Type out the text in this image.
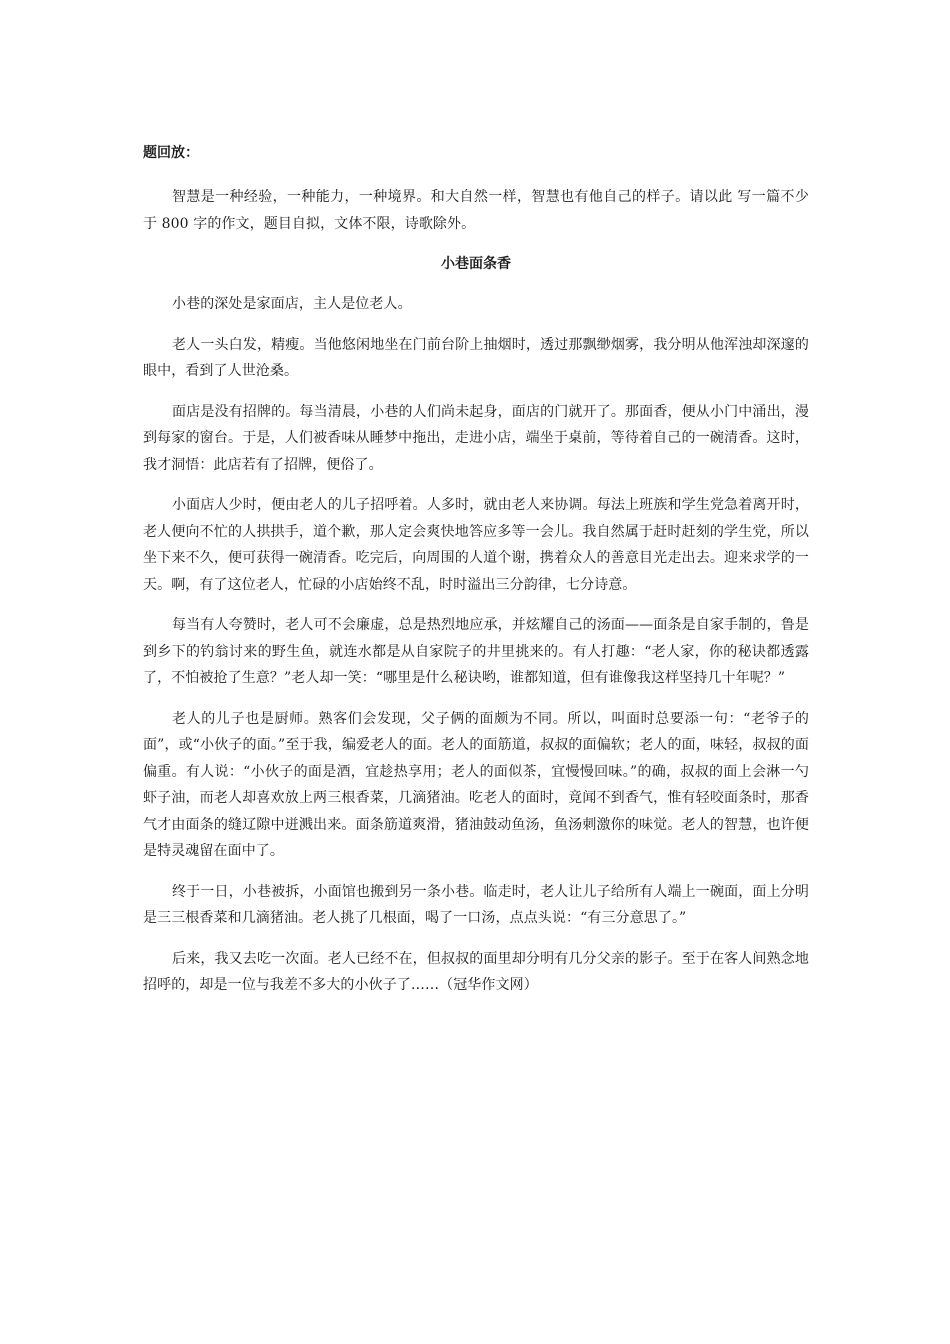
题回放：

智慧是一种经验，一种能力，一种境界。和大自然一样，智慧也有他自己的样子。请以此 写一篇不少于 800 字的作文，题目自拟，文体不限，诗歌除外。

小巷面条香

小巷的深处是家面店，主人是位老人。

老人一头白发，精瘦。当他悠闲地坐在门前台阶上抽烟时，透过那飘缈烟雾，我分明从他浑浊却深邃的眼中，看到了人世沧桑。

面店是没有招牌的。每当清晨，小巷的人们尚未起身，面店的门就开了。那面香，便从小门中涌出，漫到每家的窗台。于是，人们被香味从睡梦中拖出，走进小店，端坐于桌前，等待着自己的一碗清香。这时，我才洞悟：此店若有了招牌，便俗了。

小面店人少时，便由老人的儿子招呼着。人多时，就由老人来协调。每法上班族和学生党急着离开时，老人便向不忙的人拱拱手，道个歉，那人定会爽快地答应多等一会儿。我自然属于赶时赶刻的学生党，所以坐下来不久，便可获得一碗清香。吃完后，向周围的人道个谢，携着众人的善意目光走出去。迎来求学的一天。啊，有了这位老人，忙碌的小店始终不乱，时时溢出三分韵律，七分诗意。

每当有人夸赞时，老人可不会廉虚，总是热烈地应承，并炫耀自己的汤面——面条是自家手制的，鲁是到乡下的钓翁讨来的野生鱼，就连水都是从自家院子的井里挑来的。有人打趣：“老人家，你的秘诀都透露了，不怕被抢了生意？”老人却一笑：“哪里是什么秘诀哟，谁都知道，但有谁像我这样坚持几十年呢？”

老人的儿子也是厨师。熟客们会发现，父子俩的面颇为不同。所以，叫面时总要添一句：“老爷子的面”，或“小伙子的面。”至于我，编爱老人的面。老人的面筋道，叔叔的面偏软；老人的面，味轻，叔叔的面偏重。有人说：“小伙子的面是酒，宜趁热享用；老人的面似茶，宜慢慢回味。”的确，叔叔的面上会淋一勺虾子油，而老人却喜欢放上两三根香菜，几滴猪油。吃老人的面时，竟闻不到香气，惟有轻咬面条时，那香气才由面条的缝辽隙中迸溅出来。面条筋道爽滑，猪油鼓动鱼汤，鱼汤刺激你的味觉。老人的智慧，也许便是特灵魂留在面中了。

终于一日，小巷被拆，小面馆也搬到另一条小巷。临走时，老人让儿子给所有人端上一碗面，面上分明是三三根香菜和几滴猪油。老人挑了几根面，喝了一口汤，点点头说：“有三分意思了。”

后来，我又去吃一次面。老人已经不在，但叔叔的面里却分明有几分父亲的影子。至于在客人间熟念地招呼的，却是一位与我差不多大的小伙子了……（冠华作文网）
